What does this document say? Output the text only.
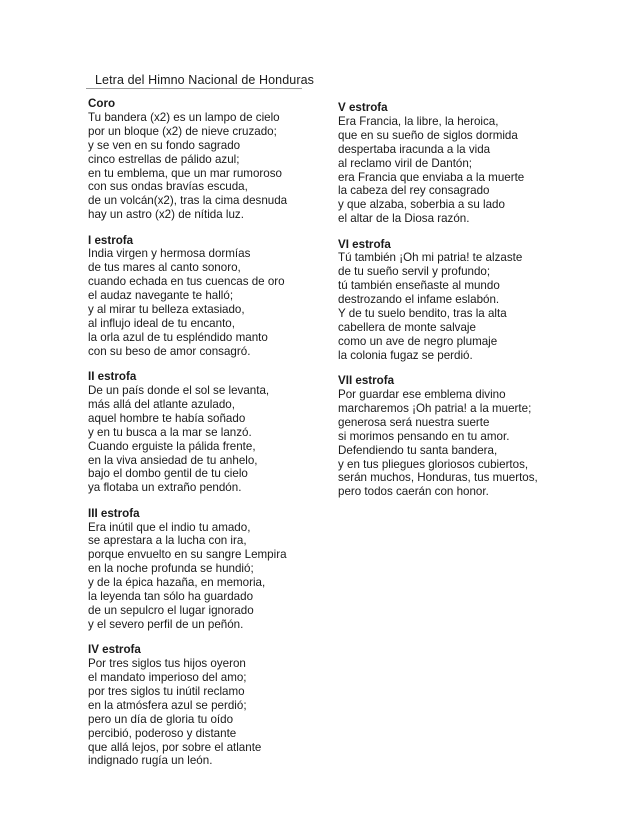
Letra del Himno Nacional de Honduras
Coro
Tu bandera (x2) es un lampo de cielo
por un bloque (x2) de nieve cruzado;
y se ven en su fondo sagrado
cinco estrellas de pálido azul;
en tu emblema, que un mar rumoroso
con sus ondas bravías escuda,
de un volcán(x2), tras la cima desnuda
hay un astro (x2) de nítida luz.
I estrofa
India virgen y hermosa dormías
de tus mares al canto sonoro,
cuando echada en tus cuencas de oro
el audaz navegante te halló;
y al mirar tu belleza extasiado,
al influjo ideal de tu encanto,
la orla azul de tu espléndido manto
con su beso de amor consagró.
II estrofa
De un país donde el sol se levanta,
más allá del atlante azulado,
aquel hombre te había soñado
y en tu busca a la mar se lanzó.
Cuando erguiste la pálida frente,
en la viva ansiedad de tu anhelo,
bajo el dombo gentil de tu cielo
ya flotaba un extraño pendón.
III estrofa
Era inútil que el indio tu amado,
se aprestara a la lucha con ira,
porque envuelto en su sangre Lempira
en la noche profunda se hundió;
y de la épica hazaña, en memoria,
la leyenda tan sólo ha guardado
de un sepulcro el lugar ignorado
y el severo perfil de un peñón.
IV estrofa
Por tres siglos tus hijos oyeron
el mandato imperioso del amo;
por tres siglos tu inútil reclamo
en la atmósfera azul se perdió;
pero un día de gloria tu oído
percibió, poderoso y distante
que allá lejos, por sobre el atlante
indignado rugía un león.
V estrofa
Era Francia, la libre, la heroica,
que en su sueño de siglos dormida
despertaba iracunda a la vida
al reclamo viril de Dantón;
era Francia que enviaba a la muerte
la cabeza del rey consagrado
y que alzaba, soberbia a su lado
el altar de la Diosa razón.
VI estrofa
Tú también ¡Oh mi patria! te alzaste
de tu sueño servil y profundo;
tú también enseñaste al mundo
destrozando el infame eslabón.
Y de tu suelo bendito, tras la alta
cabellera de monte salvaje
como un ave de negro plumaje
la colonia fugaz se perdió.
VII estrofa
Por guardar ese emblema divino
marcharemos ¡Oh patria! a la muerte;
generosa será nuestra suerte
si morimos pensando en tu amor.
Defendiendo tu santa bandera,
y en tus pliegues gloriosos cubiertos,
serán muchos, Honduras, tus muertos,
pero todos caerán con honor.
